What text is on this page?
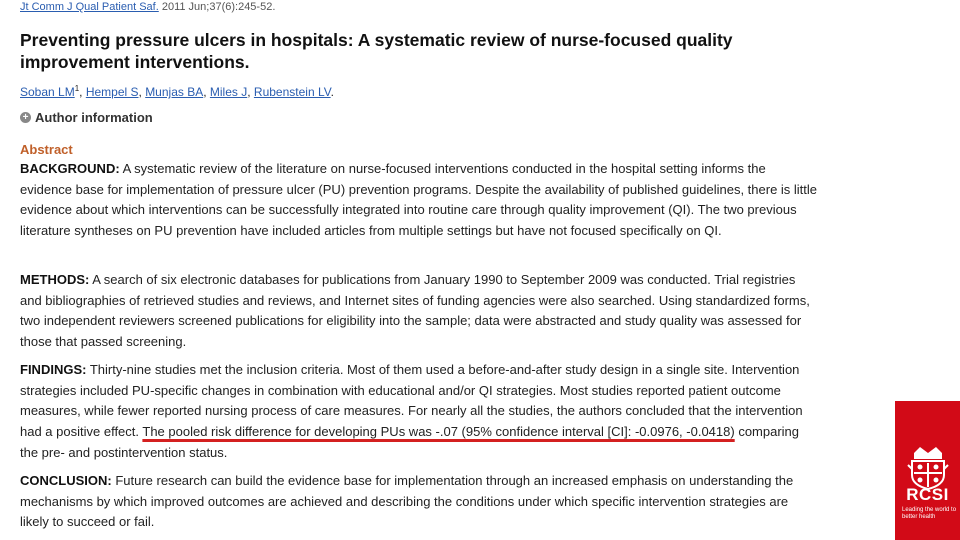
Jt Comm J Qual Patient Saf. 2011 Jun;37(6):245-52.
Preventing pressure ulcers in hospitals: A systematic review of nurse-focused quality improvement interventions.
Soban $LM^1$, Hempel S, Munjas BA, Miles J, Rubenstein LV.
+ Author information
Abstract

BACKGROUND: A systematic review of the literature on nurse-focused interventions conducted in the hospital setting informs the evidence base for implementation of pressure ulcer (PU) prevention programs. Despite the availability of published guidelines, there is little evidence about which interventions can be successfully integrated into routine care through quality improvement (QI). The two previous literature syntheses on PU prevention have included articles from multiple settings but have not focused specifically on QI.

METHODS: A search of six electronic databases for publications from January 1990 to September 2009 was conducted. Trial registries and bibliographies of retrieved studies and reviews, and Internet sites of funding agencies were also searched. Using standardized forms, two independent reviewers screened publications for eligibility into the sample; data were abstracted and study quality was assessed for those that passed screening.

FINDINGS: Thirty-nine studies met the inclusion criteria. Most of them used a before-and-after study design in a single site. Intervention strategies included PU-specific changes in combination with educational and/or QI strategies. Most studies reported patient outcome measures, while fewer reported nursing process of care measures. For nearly all the studies, the authors concluded that the intervention had a positive effect. The pooled risk difference for developing PUs was -.07 (95% confidence interval [CI]: -0.0976, -0.0418) comparing the pre- and postintervention status.

CONCLUSION: Future research can build the evidence base for implementation through an increased emphasis on understanding the mechanisms by which improved outcomes are achieved and describing the conditions under which specific intervention strategies are likely to succeed or fail.

RCSI
Leading the world to better health
